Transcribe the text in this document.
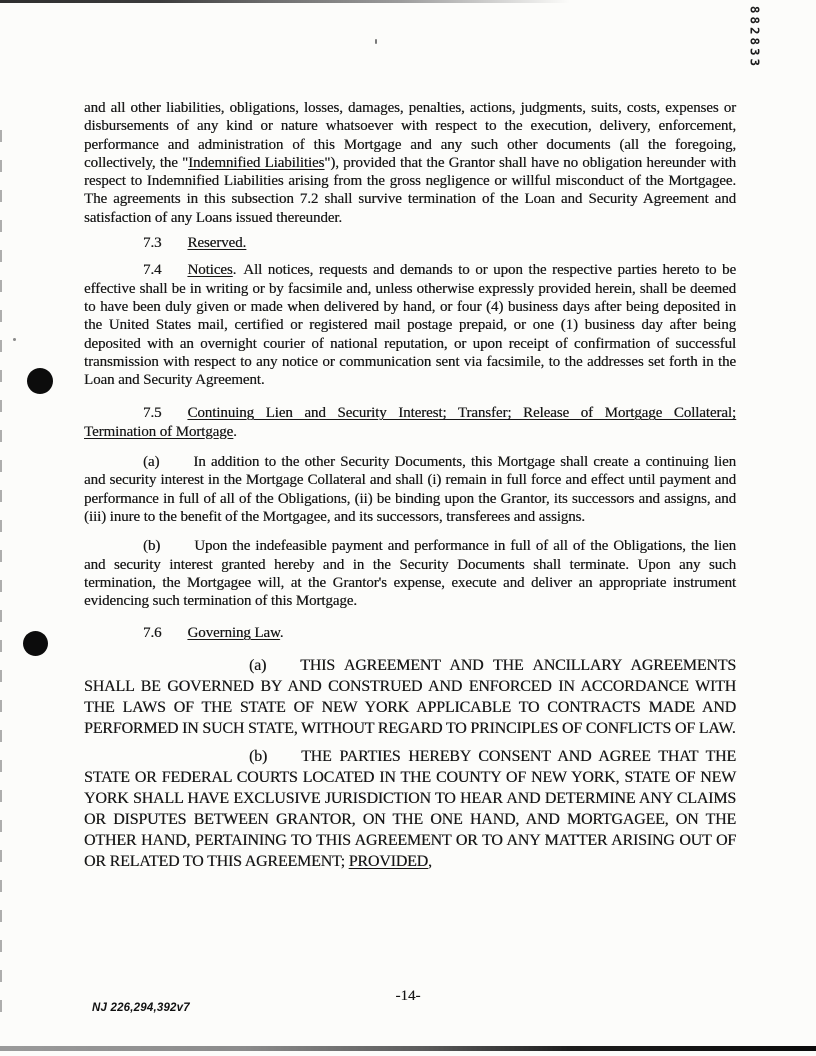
882833

and all other liabilities, obligations, losses, damages, penalties, actions, judgments, suits, costs, expenses or disbursements of any kind or nature whatsoever with respect to the execution, delivery, enforcement, performance and administration of this Mortgage and any such other documents (all the foregoing, collectively, the "Indemnified Liabilities"), provided that the Grantor shall have no obligation hereunder with respect to Indemnified Liabilities arising from the gross negligence or willful misconduct of the Mortgagee. The agreements in this subsection 7.2 shall survive termination of the Loan and Security Agreement and satisfaction of any Loans issued thereunder.

7.3 Reserved.

7.4 Notices. All notices, requests and demands to or upon the respective parties hereto to be effective shall be in writing or by facsimile and, unless otherwise expressly provided herein, shall be deemed to have been duly given or made when delivered by hand, or four (4) business days after being deposited in the United States mail, certified or registered mail postage prepaid, or one (1) business day after being deposited with an overnight courier of national reputation, or upon receipt of confirmation of successful transmission with respect to any notice or communication sent via facsimile, to the addresses set forth in the Loan and Security Agreement.

7.5 Continuing Lien and Security Interest; Transfer; Release of Mortgage Collateral; Termination of Mortgage.

(a) In addition to the other Security Documents, this Mortgage shall create a continuing lien and security interest in the Mortgage Collateral and shall (i) remain in full force and effect until payment and performance in full of all of the Obligations, (ii) be binding upon the Grantor, its successors and assigns, and (iii) inure to the benefit of the Mortgagee, and its successors, transferees and assigns.

(b) Upon the indefeasible payment and performance in full of all of the Obligations, the lien and security interest granted hereby and in the Security Documents shall terminate. Upon any such termination, the Mortgagee will, at the Grantor's expense, execute and deliver an appropriate instrument evidencing such termination of this Mortgage.

7.6 Governing Law.

(a) THIS AGREEMENT AND THE ANCILLARY AGREEMENTS SHALL BE GOVERNED BY AND CONSTRUED AND ENFORCED IN ACCORDANCE WITH THE LAWS OF THE STATE OF NEW YORK APPLICABLE TO CONTRACTS MADE AND PERFORMED IN SUCH STATE, WITHOUT REGARD TO PRINCIPLES OF CONFLICTS OF LAW.

(b) THE PARTIES HEREBY CONSENT AND AGREE THAT THE STATE OR FEDERAL COURTS LOCATED IN THE COUNTY OF NEW YORK, STATE OF NEW YORK SHALL HAVE EXCLUSIVE JURISDICTION TO HEAR AND DETERMINE ANY CLAIMS OR DISPUTES BETWEEN GRANTOR, ON THE ONE HAND, AND MORTGAGEE, ON THE OTHER HAND, PERTAINING TO THIS AGREEMENT OR TO ANY MATTER ARISING OUT OF OR RELATED TO THIS AGREEMENT; PROVIDED,

-14-
NJ 226,294,392v7
